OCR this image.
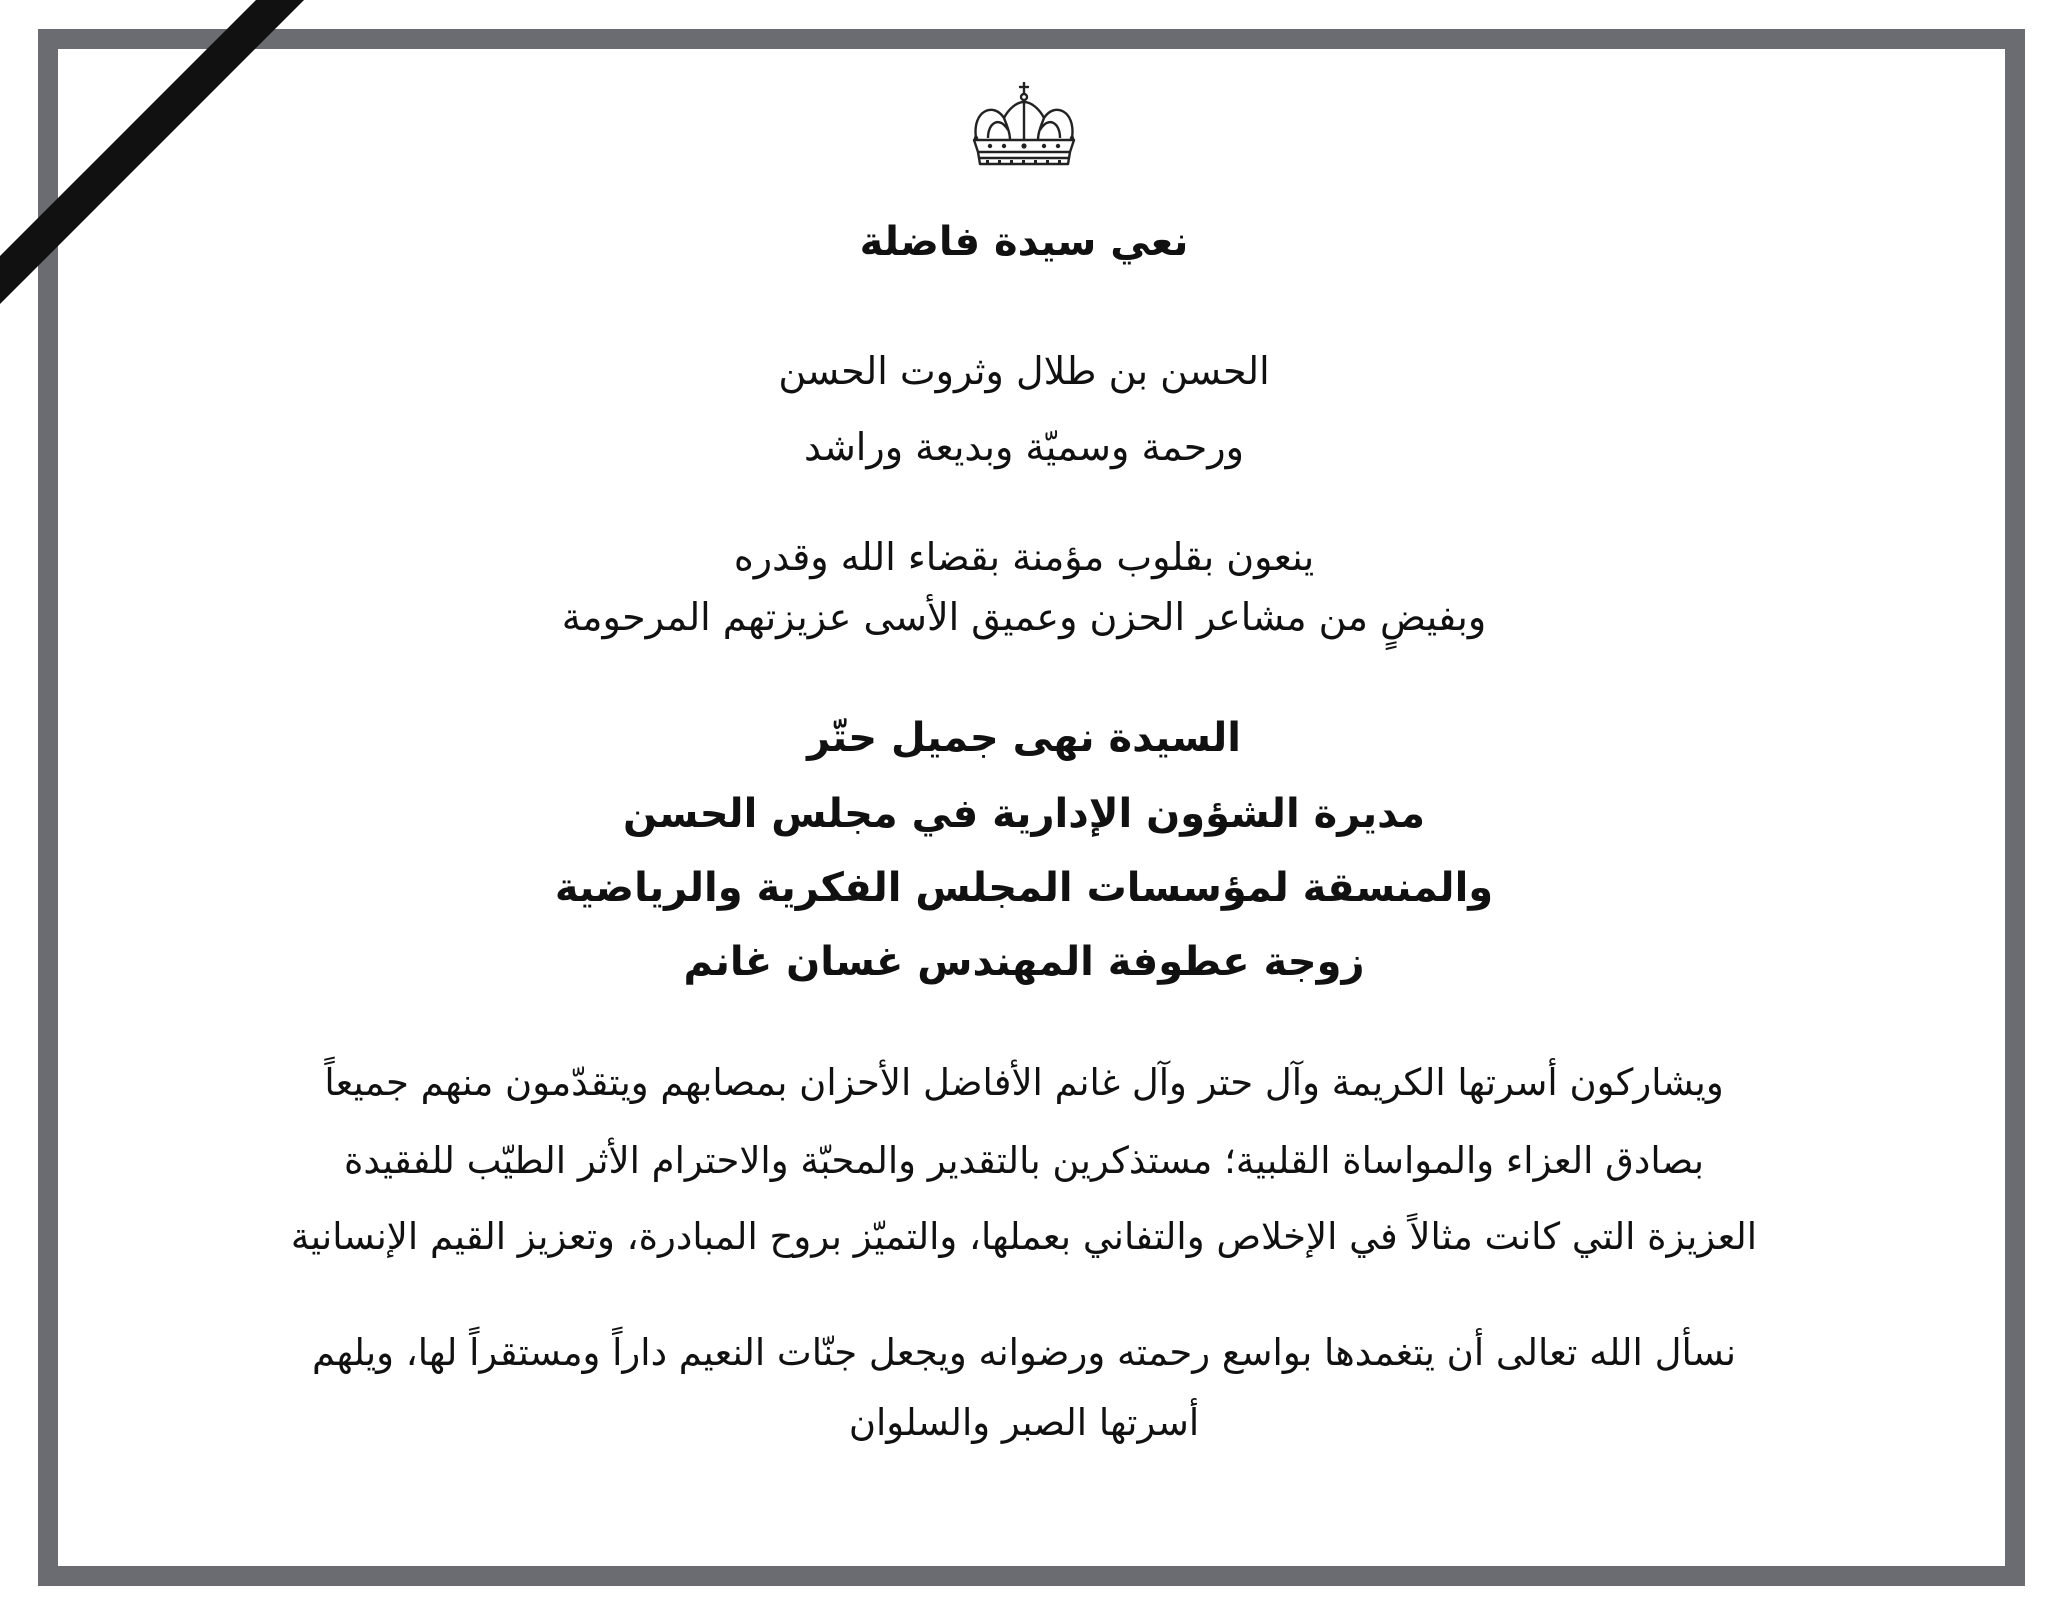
نعي سيدة فاضلة
الحسن بن طلال وثروت الحسن
ورحمة وسميّة وبديعة وراشد
ينعون بقلوب مؤمنة بقضاء الله وقدره
وبفيضٍ من مشاعر الحزن وعميق الأسى عزيزتهم المرحومة
السيدة نهى جميل حتّر
مديرة الشؤون الإدارية في مجلس الحسن
والمنسقة لمؤسسات المجلس الفكرية والرياضية
زوجة عطوفة المهندس غسان غانم
ويشاركون أسرتها الكريمة وآل حتر وآل غانم الأفاضل الأحزان بمصابهم ويتقدّمون منهم جميعاً
بصادق العزاء والمواساة القلبية؛ مستذكرين بالتقدير والمحبّة والاحترام الأثر الطيّب للفقيدة
العزيزة التي كانت مثالاً في الإخلاص والتفاني بعملها، والتميّز بروح المبادرة، وتعزيز القيم الإنسانية
نسأل الله تعالى أن يتغمدها بواسع رحمته ورضوانه ويجعل جنّات النعيم داراً ومستقراً لها، ويلهم
أسرتها الصبر والسلوان
